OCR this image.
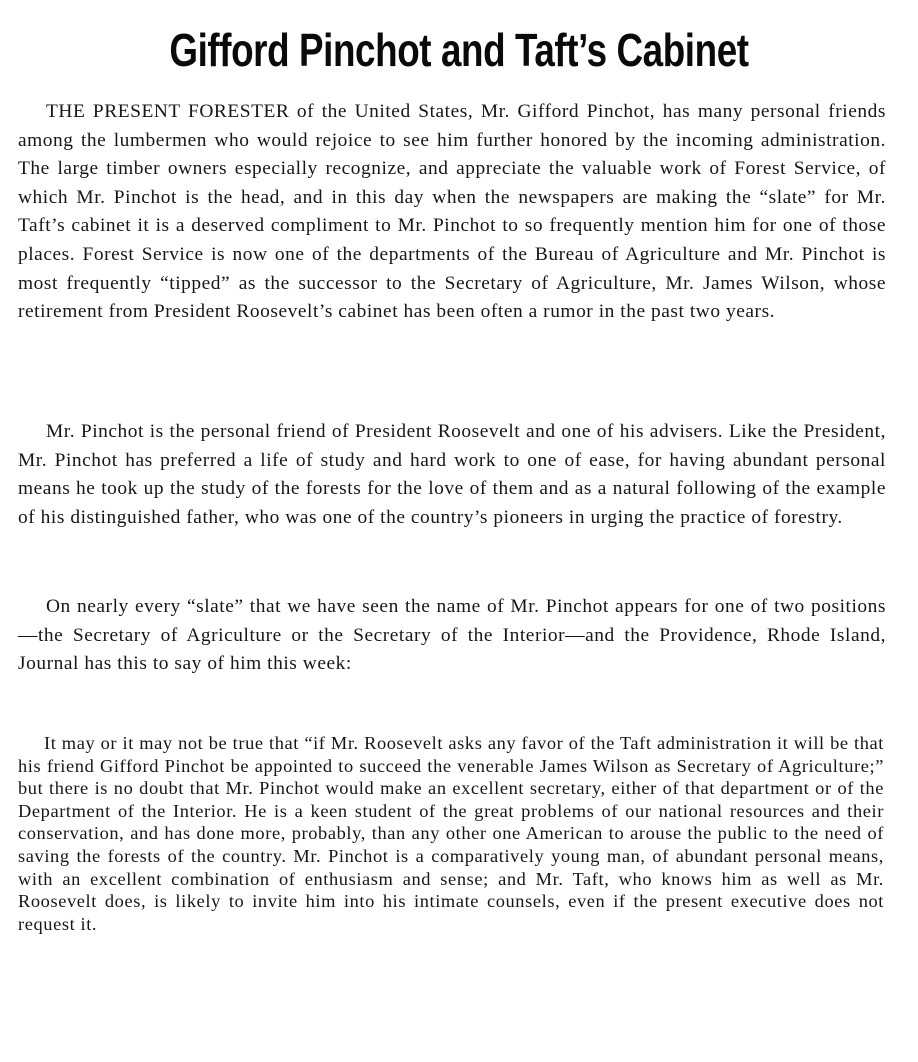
Gifford Pinchot and Taft’s Cabinet

THE PRESENT FORESTER of the United States, Mr. Gifford Pinchot, has many personal friends among the lumbermen who would rejoice to see him further honored by the incoming administration. The large timber owners especially recognize, and appreciate the valuable work of Forest Service, of which Mr. Pinchot is the head, and in this day when the newspapers are making the “slate” for Mr. Taft’s cabinet it is a deserved compliment to Mr. Pinchot to so frequently mention him for one of those places. Forest Service is now one of the departments of the Bureau of Agriculture and Mr. Pinchot is most frequently “tipped” as the successor to the Secretary of Agriculture, Mr. James Wilson, whose retirement from President Roosevelt’s cabinet has been often a rumor in the past two years.

Mr. Pinchot is the personal friend of President Roosevelt and one of his advisers. Like the President, Mr. Pinchot has preferred a life of study and hard work to one of ease, for having abundant personal means he took up the study of the forests for the love of them and as a natural following of the example of his distinguished father, who was one of the country’s pioneers in urging the practice of forestry.

On nearly every “slate” that we have seen the name of Mr. Pinchot appears for one of two positions—the Secretary of Agriculture or the Secretary of the Interior—and the Providence, Rhode Island, Journal has this to say of him this week:

It may or it may not be true that “if Mr. Roosevelt asks any favor of the Taft administration it will be that his friend Gifford Pinchot be appointed to succeed the venerable James Wilson as Secretary of Agriculture;” but there is no doubt that Mr. Pinchot would make an excellent secretary, either of that department or of the Department of the Interior. He is a keen student of the great problems of our national resources and their conservation, and has done more, probably, than any other one American to arouse the public to the need of saving the forests of the country. Mr. Pinchot is a comparatively young man, of abundant personal means, with an excellent combination of enthusiasm and sense; and Mr. Taft, who knows him as well as Mr. Roosevelt does, is likely to invite him into his intimate counsels, even if the present executive does not request it.
